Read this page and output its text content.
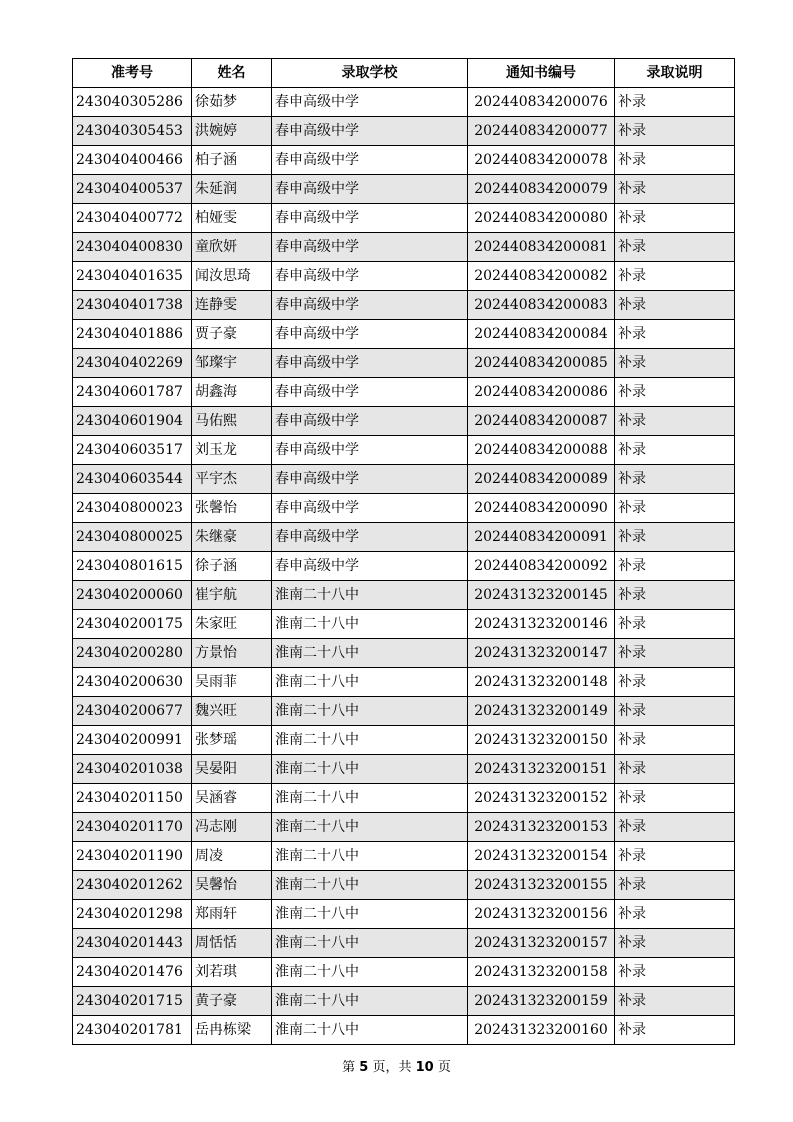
准考号	姓名	录取学校	通知书编号	录取说明
243040305286	徐茹梦	春申高级中学	202440834200076	补录
243040305453	洪婉婷	春申高级中学	202440834200077	补录
243040400466	柏子涵	春申高级中学	202440834200078	补录
243040400537	朱延润	春申高级中学	202440834200079	补录
243040400772	柏娅雯	春申高级中学	202440834200080	补录
243040400830	童欣妍	春申高级中学	202440834200081	补录
243040401635	闻汝思琦	春申高级中学	202440834200082	补录
243040401738	连静雯	春申高级中学	202440834200083	补录
243040401886	贾子豪	春申高级中学	202440834200084	补录
243040402269	邹璨宇	春申高级中学	202440834200085	补录
243040601787	胡鑫海	春申高级中学	202440834200086	补录
243040601904	马佑熙	春申高级中学	202440834200087	补录
243040603517	刘玉龙	春申高级中学	202440834200088	补录
243040603544	平宇杰	春申高级中学	202440834200089	补录
243040800023	张馨怡	春申高级中学	202440834200090	补录
243040800025	朱继豪	春申高级中学	202440834200091	补录
243040801615	徐子涵	春申高级中学	202440834200092	补录
243040200060	崔宇航	淮南二十八中	202431323200145	补录
243040200175	朱家旺	淮南二十八中	202431323200146	补录
243040200280	方景怡	淮南二十八中	202431323200147	补录
243040200630	吴雨菲	淮南二十八中	202431323200148	补录
243040200677	魏兴旺	淮南二十八中	202431323200149	补录
243040200991	张梦瑶	淮南二十八中	202431323200150	补录
243040201038	吴晏阳	淮南二十八中	202431323200151	补录
243040201150	吴涵睿	淮南二十八中	202431323200152	补录
243040201170	冯志刚	淮南二十八中	202431323200153	补录
243040201190	周凌	淮南二十八中	202431323200154	补录
243040201262	吴馨怡	淮南二十八中	202431323200155	补录
243040201298	郑雨轩	淮南二十八中	202431323200156	补录
243040201443	周恬恬	淮南二十八中	202431323200157	补录
243040201476	刘若琪	淮南二十八中	202431323200158	补录
243040201715	黄子豪	淮南二十八中	202431323200159	补录
243040201781	岳冉栋梁	淮南二十八中	202431323200160	补录
第 5 页，共 10 页
